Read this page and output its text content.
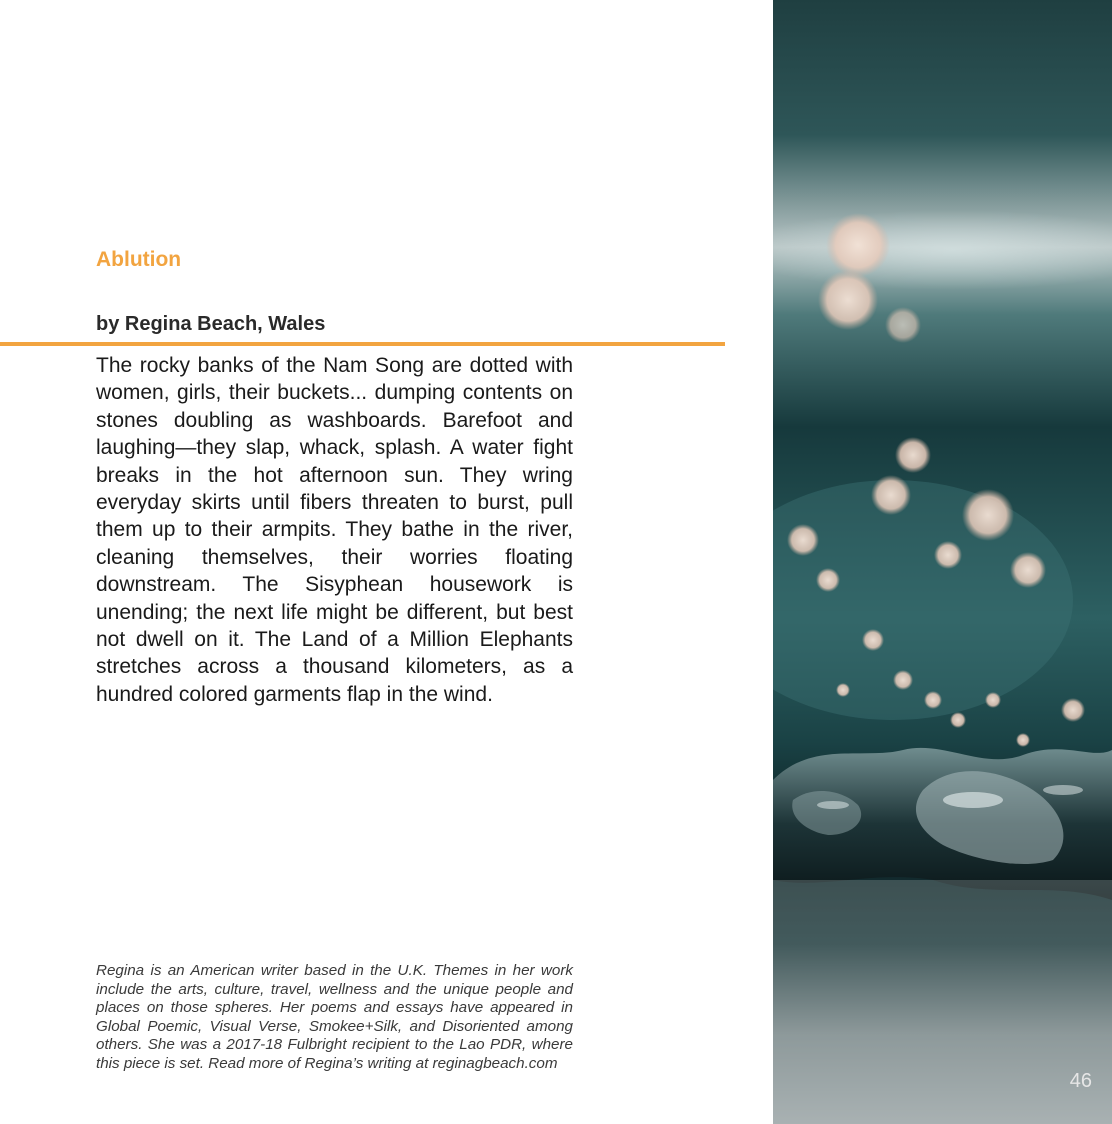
Ablution
by Regina Beach, Wales

The rocky banks of the Nam Song are dotted with women, girls, their buckets... dumping contents on stones doubling as washboards. Barefoot and laughing—they slap, whack, splash. A water fight breaks in the hot afternoon sun. They wring everyday skirts until fibers threaten to burst, pull them up to their armpits. They bathe in the river, cleaning themselves, their worries floating downstream. The Sisyphean housework is unending; the next life might be different, but best not dwell on it. The Land of a Million Elephants stretches across a thousand kilometers, as a hundred colored garments flap in the wind.

Regina is an American writer based in the U.K. Themes in her work include the arts, culture, travel, wellness and the unique people and places on those spheres. Her poems and essays have appeared in Global Poemic, Visual Verse, Smokee+Silk, and Disoriented among others. She was a 2017-18 Fulbright recipient to the Lao PDR, where this piece is set. Read more of Regina’s writing at reginagbeach.com

46
